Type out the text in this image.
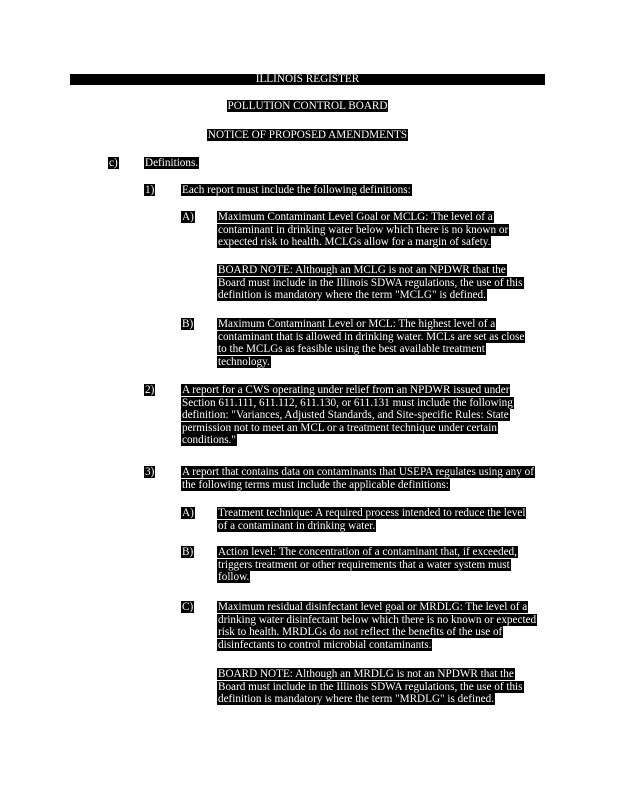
ILLINOIS REGISTER
POLLUTION CONTROL BOARD
NOTICE OF PROPOSED AMENDMENTS
c) Definitions.
1) Each report must include the following definitions:
A) Maximum Contaminant Level Goal or MCLG: The level of a contaminant in drinking water below which there is no known or expected risk to health. MCLGs allow for a margin of safety.
BOARD NOTE: Although an MCLG is not an NPDWR that the Board must include in the Illinois SDWA regulations, the use of this definition is mandatory where the term "MCLG" is defined.
B) Maximum Contaminant Level or MCL: The highest level of a contaminant that is allowed in drinking water. MCLs are set as close to the MCLGs as feasible using the best available treatment technology.
2) A report for a CWS operating under relief from an NPDWR issued under Section 611.111, 611.112, 611.130, or 611.131 must include the following definition: "Variances, Adjusted Standards, and Site-specific Rules: State permission not to meet an MCL or a treatment technique under certain conditions."
3) A report that contains data on contaminants that USEPA regulates using any of the following terms must include the applicable definitions:
A) Treatment technique: A required process intended to reduce the level of a contaminant in drinking water.
B) Action level: The concentration of a contaminant that, if exceeded, triggers treatment or other requirements that a water system must follow.
C) Maximum residual disinfectant level goal or MRDLG: The level of a drinking water disinfectant below which there is no known or expected risk to health. MRDLGs do not reflect the benefits of the use of disinfectants to control microbial contaminants.
BOARD NOTE: Although an MRDLG is not an NPDWR that the Board must include in the Illinois SDWA regulations, the use of this definition is mandatory where the term "MRDLG" is defined.
